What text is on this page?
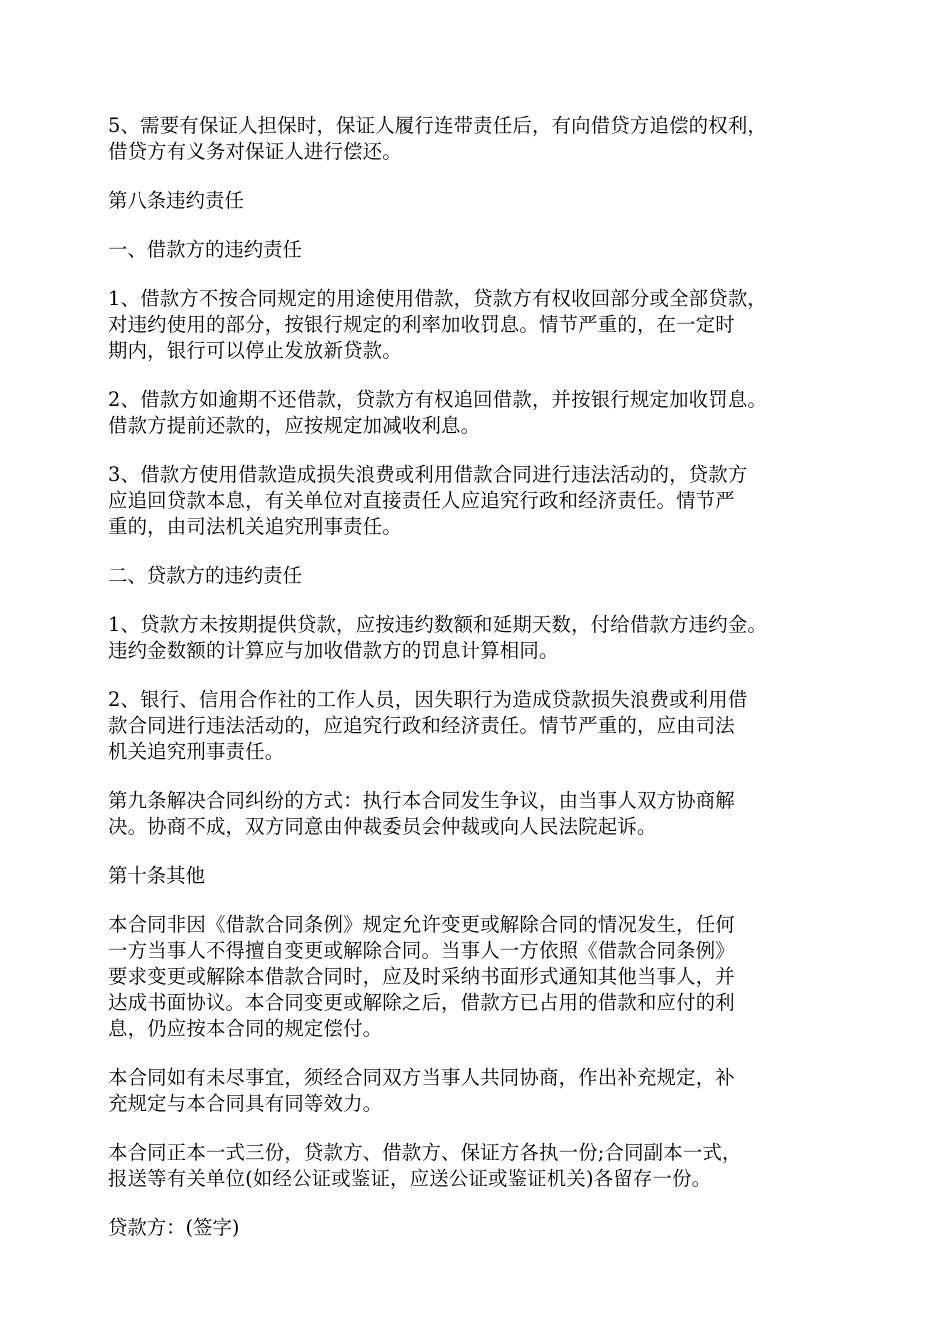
5、需要有保证人担保时，保证人履行连带责任后，有向借贷方追偿的权利，
借贷方有义务对保证人进行偿还。

第八条违约责任

一、借款方的违约责任

1、借款方不按合同规定的用途使用借款，贷款方有权收回部分或全部贷款，
对违约使用的部分，按银行规定的利率加收罚息。情节严重的，在一定时
期内，银行可以停止发放新贷款。

2、借款方如逾期不还借款，贷款方有权追回借款，并按银行规定加收罚息。
借款方提前还款的，应按规定加减收利息。

3、借款方使用借款造成损失浪费或利用借款合同进行违法活动的，贷款方
应追回贷款本息，有关单位对直接责任人应追究行政和经济责任。情节严
重的，由司法机关追究刑事责任。

二、贷款方的违约责任

1、贷款方未按期提供贷款，应按违约数额和延期天数，付给借款方违约金。
违约金数额的计算应与加收借款方的罚息计算相同。

2、银行、信用合作社的工作人员，因失职行为造成贷款损失浪费或利用借
款合同进行违法活动的，应追究行政和经济责任。情节严重的，应由司法
机关追究刑事责任。

第九条解决合同纠纷的方式：执行本合同发生争议，由当事人双方协商解
决。协商不成，双方同意由仲裁委员会仲裁或向人民法院起诉。

第十条其他

本合同非因《借款合同条例》规定允许变更或解除合同的情况发生，任何
一方当事人不得擅自变更或解除合同。当事人一方依照《借款合同条例》
要求变更或解除本借款合同时，应及时采纳书面形式通知其他当事人，并
达成书面协议。本合同变更或解除之后，借款方已占用的借款和应付的利
息，仍应按本合同的规定偿付。

本合同如有未尽事宜，须经合同双方当事人共同协商，作出补充规定，补
充规定与本合同具有同等效力。

本合同正本一式三份，贷款方、借款方、保证方各执一份;合同副本一式，
报送等有关单位(如经公证或鉴证，应送公证或鉴证机关)各留存一份。

贷款方：(签字)
